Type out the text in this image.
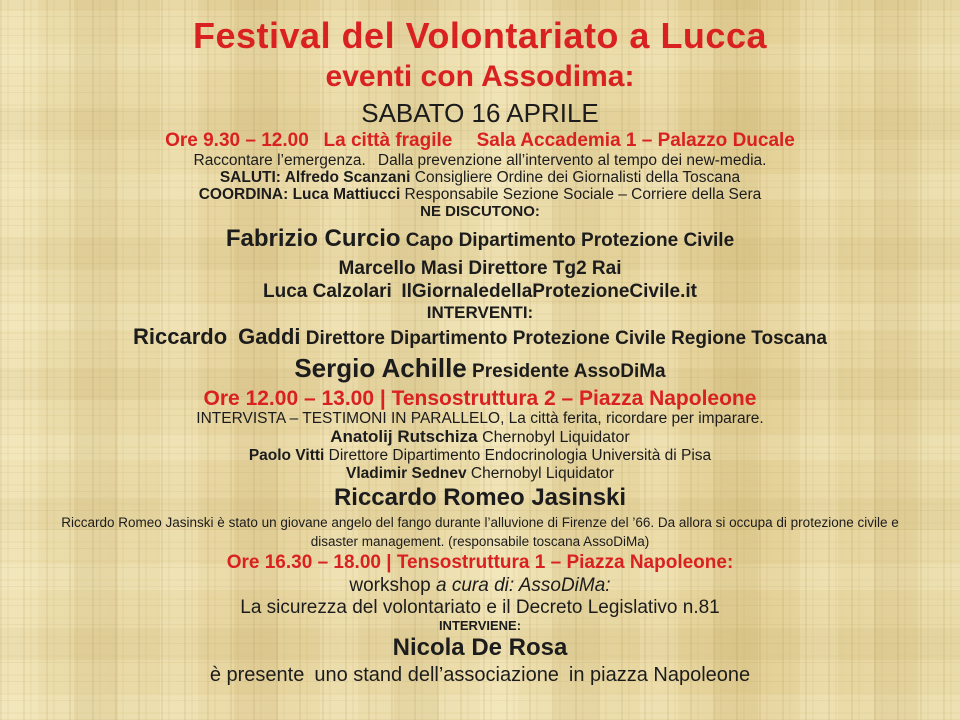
Festival del Volontariato a Lucca
eventi con Assodima:
SABATO 16 APRILE
Ore 9.30 – 12.00  La città fragile   Sala Accademia 1 – Palazzo Ducale
Raccontare l’emergenza.  Dalla prevenzione all’intervento al tempo dei new-media.
SALUTI: Alfredo Scanzani Consigliere Ordine dei Giornalisti della Toscana
COORDINA: Luca Mattiucci Responsabile Sezione Sociale – Corriere della Sera
NE DISCUTONO:
Fabrizio Curcio Capo Dipartimento Protezione Civile
Marcello Masi Direttore Tg2 Rai
Luca Calzolari IlGiornaledellaProtezioneCivile.it
INTERVENTI:
Riccardo Gaddi Direttore Dipartimento Protezione Civile Regione Toscana
Sergio Achille Presidente AssoDiMa
Ore 12.00 – 13.00 | Tensostruttura 2 – Piazza Napoleone
INTERVISTA – TESTIMONI IN PARALLELO, La città ferita, ricordare per imparare.
Anatolij Rutschiza Chernobyl Liquidator
Paolo Vitti Direttore Dipartimento Endocrinologia Università di Pisa
Vladimir Sednev Chernobyl Liquidator
Riccardo Romeo Jasinski
Riccardo Romeo Jasinski è stato un giovane angelo del fango durante l’alluvione di Firenze del ’66. Da allora si occupa di protezione civile e disaster management. (responsabile toscana AssoDiMa)
Ore 16.30 – 18.00 | Tensostruttura 1 – Piazza Napoleone:
workshop a cura di: AssoDiMa:
La sicurezza del volontariato e il Decreto Legislativo n.81
INTERVIENE:
Nicola De Rosa
è presente uno stand dell’associazione in piazza Napoleone
